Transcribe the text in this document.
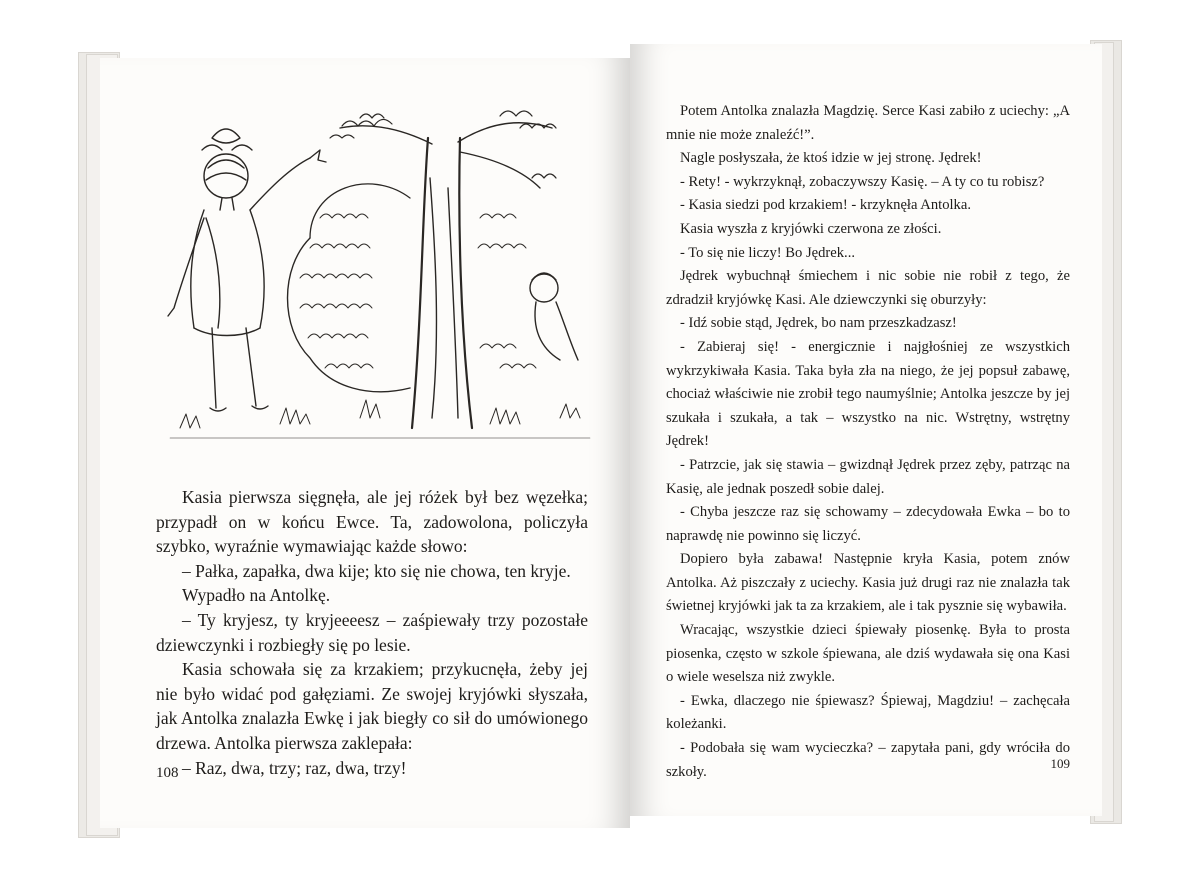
Kasia pierwsza sięgnęła, ale jej różek był bez węzełka; przypadł on w końcu Ewce. Ta, zadowolona, policzyła szybko, wyraźnie wymawiając każde słowo:

– Pałka, zapałka, dwa kije; kto się nie chowa, ten kryje.

Wypadło na Antolkę.

– Ty kryjesz, ty kryjeeeesz – zaśpiewały trzy pozostałe dziewczynki i rozbiegły się po lesie.

Kasia schowała się za krzakiem; przykucnęła, żeby jej nie było widać pod gałęziami. Ze swojej kryjówki słyszała, jak Antolka znalazła Ewkę i jak biegły co sił do umówionego drzewa. Antolka pierwsza zaklepała:

– Raz, dwa, trzy; raz, dwa, trzy!

108

Potem Antolka znalazła Magdzię. Serce Kasi zabiło z uciechy: „A mnie nie może znaleźć!”.

Nagle posłyszała, że ktoś idzie w jej stronę. Jędrek!

- Rety! - wykrzyknął, zobaczywszy Kasię. – A ty co tu robisz?

- Kasia siedzi pod krzakiem! - krzyknęła Antolka.

Kasia wyszła z kryjówki czerwona ze złości.

- To się nie liczy! Bo Jędrek...

Jędrek wybuchnął śmiechem i nic sobie nie robił z tego, że zdradził kryjówkę Kasi. Ale dziewczynki się oburzyły:

- Idź sobie stąd, Jędrek, bo nam przeszkadzasz!

- Zabieraj się! - energicznie i najgłośniej ze wszystkich wykrzykiwała Kasia. Taka była zła na niego, że jej popsuł zabawę, chociaż właściwie nie zrobił tego naumyślnie; Antolka jeszcze by jej szukała i szukała, a tak – wszystko na nic. Wstrętny, wstrętny Jędrek!

- Patrzcie, jak się stawia – gwizdnął Jędrek przez zęby, patrząc na Kasię, ale jednak poszedł sobie dalej.

- Chyba jeszcze raz się schowamy – zdecydowała Ewka – bo to naprawdę nie powinno się liczyć.

Dopiero była zabawa! Następnie kryła Kasia, potem znów Antolka. Aż piszczały z uciechy. Kasia już drugi raz nie znalazła tak świetnej kryjówki jak ta za krzakiem, ale i tak pysznie się wybawiła.

Wracając, wszystkie dzieci śpiewały piosenkę. Była to prosta piosenka, często w szkole śpiewana, ale dziś wydawała się ona Kasi o wiele weselsza niż zwykle.

- Ewka, dlaczego nie śpiewasz? Śpiewaj, Magdziu! – zachęcała koleżanki.

- Podobała się wam wycieczka? – zapytała pani, gdy wróciła do szkoły.

109
